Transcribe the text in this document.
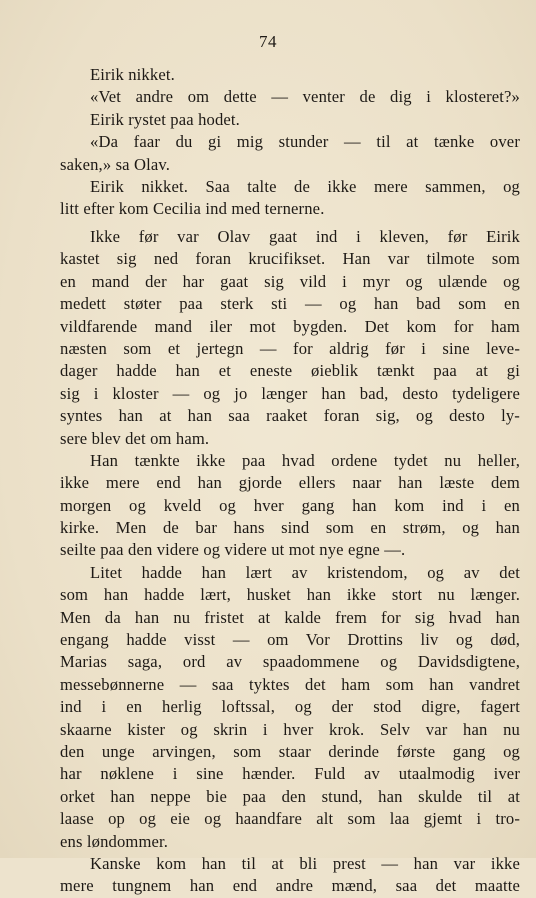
74
Eirik nikket.
«Vet andre om dette — venter de dig i klosteret?»
Eirik rystet paa hodet.
«Da faar du gi mig stunder — til at tænke over
saken,» sa Olav.
Eirik nikket. Saa talte de ikke mere sammen, og
litt efter kom Cecilia ind med ternerne.
Ikke før var Olav gaat ind i kleven, før Eirik
kastet sig ned foran krucifikset. Han var tilmote som
en mand der har gaat sig vild i myr og ulænde og
medett støter paa sterk sti — og han bad som en
vildfarende mand iler mot bygden. Det kom for ham
næsten som et jertegn — for aldrig før i sine leve-
dager hadde han et eneste øieblik tænkt paa at gi
sig i kloster — og jo længer han bad, desto tydeligere
syntes han at han saa raaket foran sig, og desto ly-
sere blev det om ham.
Han tænkte ikke paa hvad ordene tydet nu heller,
ikke mere end han gjorde ellers naar han læste dem
morgen og kveld og hver gang han kom ind i en
kirke. Men de bar hans sind som en strøm, og han
seilte paa den videre og videre ut mot nye egne —.
Litet hadde han lært av kristendom, og av det
som han hadde lært, husket han ikke stort nu længer.
Men da han nu fristet at kalde frem for sig hvad han
engang hadde visst — om Vor Drottins liv og død,
Marias saga, ord av spaadommene og Davidsdigtene,
messebønnerne — saa tyktes det ham som han vandret
ind i en herlig loftssal, og der stod digre, fagert
skaarne kister og skrin i hver krok. Selv var han nu
den unge arvingen, som staar derinde første gang og
har nøklene i sine hænder. Fuld av utaalmodig iver
orket han neppe bie paa den stund, han skulde til at
laase op og eie og haandfare alt som laa gjemt i tro-
ens løndommer.
Kanske kom han til at bli prest — han var ikke
mere tungnem han end andre mænd, saa det maatte
